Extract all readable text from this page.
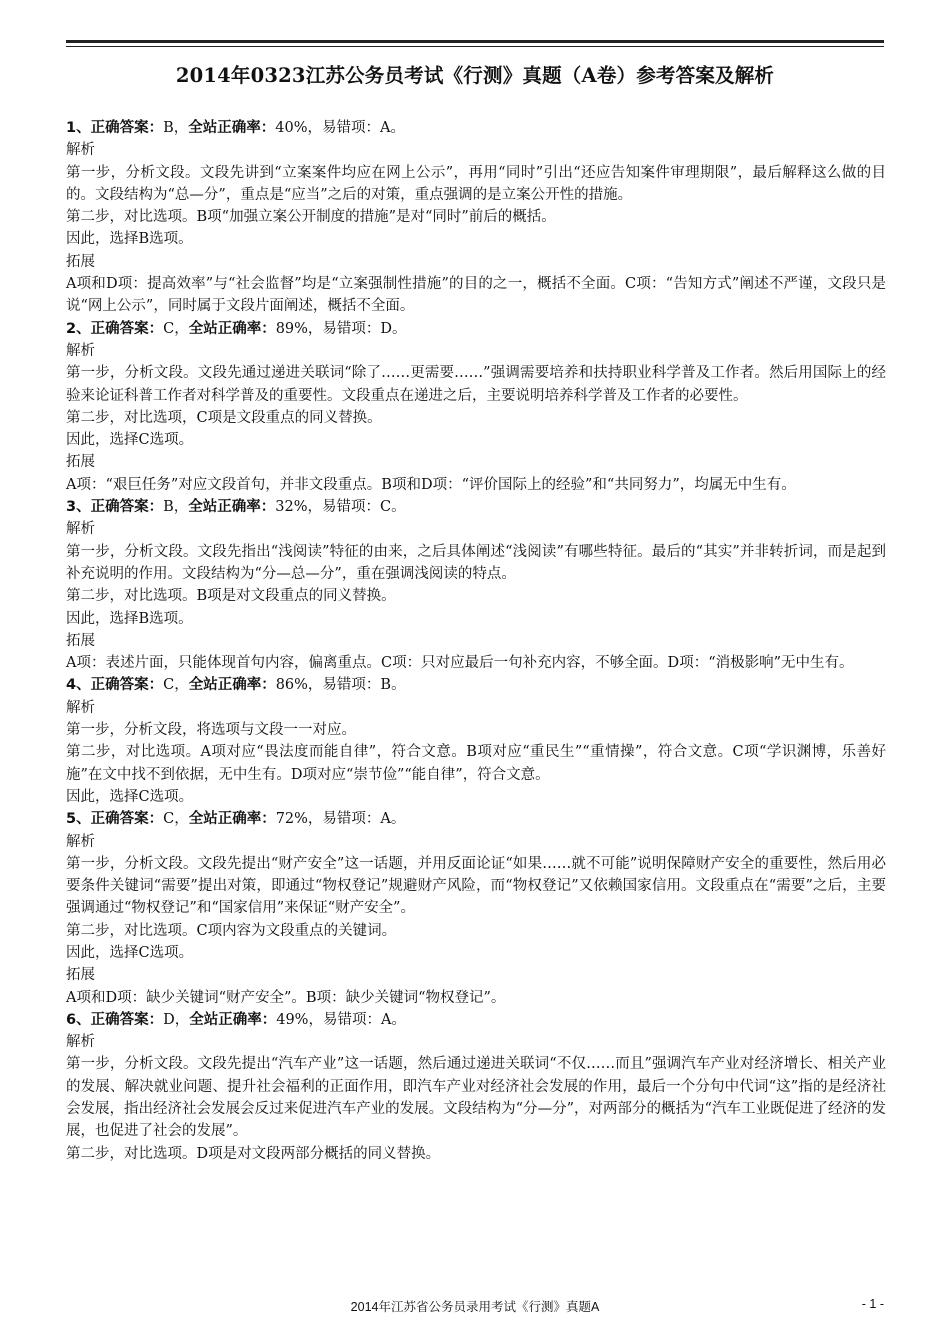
2014年0323江苏公务员考试《行测》真题（A卷）参考答案及解析

1、正确答案：B，全站正确率：40%，易错项：A。

解析

第一步，分析文段。文段先讲到“立案案件均应在网上公示”，再用“同时”引出“还应告知案件审理期限”，最后解释这么做的目的。文段结构为“总—分”，重点是“应当”之后的对策，重点强调的是立案公开性的措施。

第二步，对比选项。B项“加强立案公开制度的措施”是对“同时”前后的概括。

因此，选择B选项。

拓展

A项和D项：提高效率”与“社会监督”均是“立案强制性措施”的目的之一，概括不全面。C项：“告知方式”阐述不严谨，文段只是说“网上公示”，同时属于文段片面阐述，概括不全面。

2、正确答案：C，全站正确率：89%，易错项：D。

解析

第一步，分析文段。文段先通过递进关联词“除了……更需要……”强调需要培养和扶持职业科学普及工作者。然后用国际上的经验来论证科普工作者对科学普及的重要性。文段重点在递进之后，主要说明培养科学普及工作者的必要性。

第二步，对比选项，C项是文段重点的同义替换。

因此，选择C选项。

拓展

A项：“艰巨任务”对应文段首句，并非文段重点。B项和D项：“评价国际上的经验”和“共同努力”，均属无中生有。

3、正确答案：B，全站正确率：32%，易错项：C。

解析

第一步，分析文段。文段先指出“浅阅读”特征的由来，之后具体阐述“浅阅读”有哪些特征。最后的“其实”并非转折词，而是起到补充说明的作用。文段结构为“分—总—分”，重在强调浅阅读的特点。

第二步，对比选项。B项是对文段重点的同义替换。

因此，选择B选项。

拓展

A项：表述片面，只能体现首句内容，偏离重点。C项：只对应最后一句补充内容，不够全面。D项：“消极影响”无中生有。

4、正确答案：C，全站正确率：86%，易错项：B。

解析

第一步，分析文段，将选项与文段一一对应。

第二步，对比选项。A项对应“畏法度而能自律”，符合文意。B项对应“重民生”“重情操”，符合文意。C项“学识渊博，乐善好施”在文中找不到依据，无中生有。D项对应“崇节俭”“能自律”，符合文意。

因此，选择C选项。

5、正确答案：C，全站正确率：72%，易错项：A。

解析

第一步，分析文段。文段先提出“财产安全”这一话题，并用反面论证“如果……就不可能”说明保障财产安全的重要性，然后用必要条件关键词“需要”提出对策，即通过“物权登记”规避财产风险，而“物权登记”又依赖国家信用。文段重点在“需要”之后，主要强调通过“物权登记”和“国家信用”来保证“财产安全”。

第二步，对比选项。C项内容为文段重点的关键词。

因此，选择C选项。

拓展

A项和D项：缺少关键词“财产安全”。B项：缺少关键词“物权登记”。

6、正确答案：D，全站正确率：49%，易错项：A。

解析

第一步，分析文段。文段先提出“汽车产业”这一话题，然后通过递进关联词“不仅……而且”强调汽车产业对经济增长、相关产业的发展、解决就业问题、提升社会福利的正面作用，即汽车产业对经济社会发展的作用，最后一个分句中代词“这”指的是经济社会发展，指出经济社会发展会反过来促进汽车产业的发展。文段结构为“分—分”，对两部分的概括为“汽车工业既促进了经济的发展，也促进了社会的发展”。

第二步，对比选项。D项是对文段两部分概括的同义替换。

2014年江苏省公务员录用考试《行测》真题A	- 1 -
